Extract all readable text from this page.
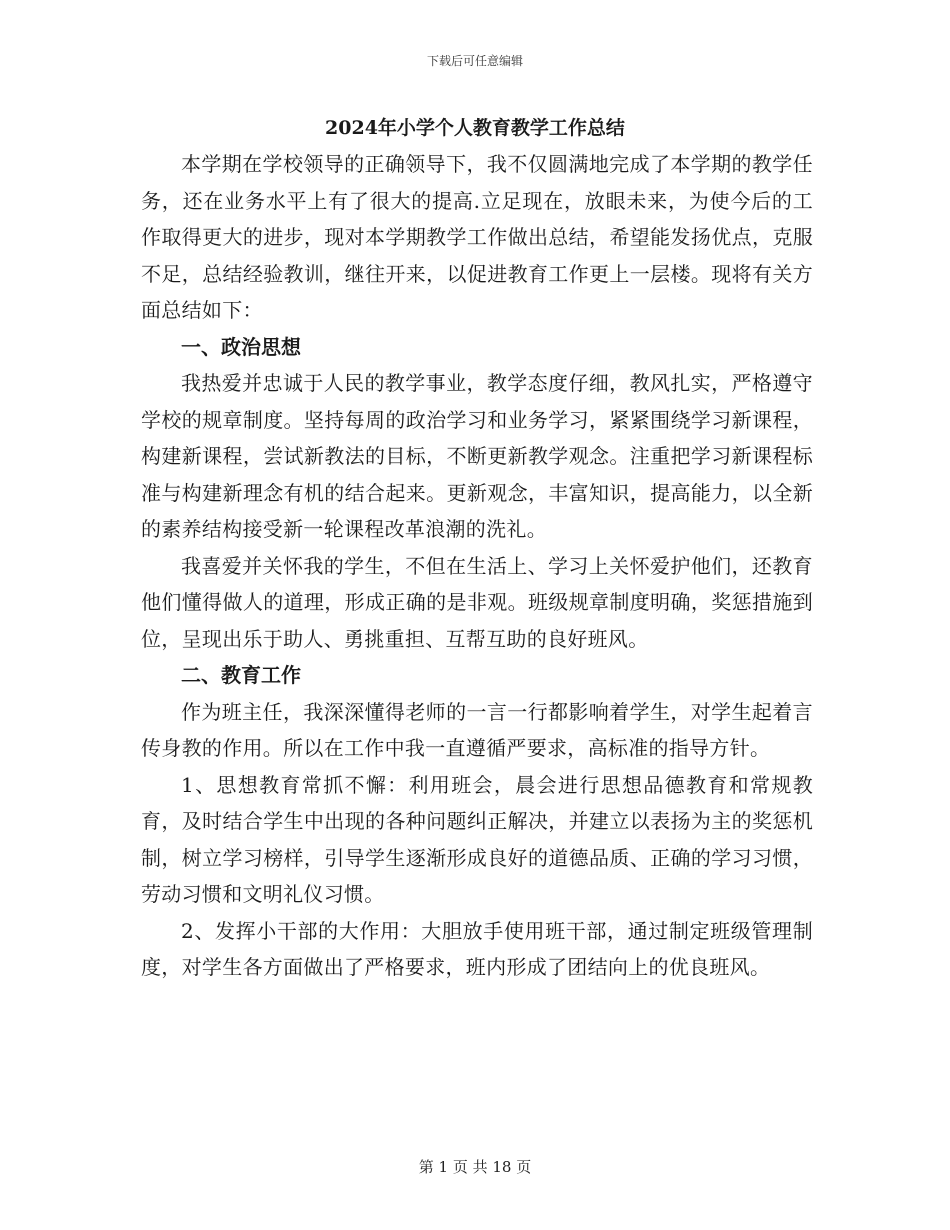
下载后可任意编辑
2024年小学个人教育教学工作总结

本学期在学校领导的正确领导下，我不仅圆满地完成了本学期的教学任务，还在业务水平上有了很大的提高.立足现在，放眼未来，为使今后的工作取得更大的进步，现对本学期教学工作做出总结，希望能发扬优点，克服不足，总结经验教训，继往开来，以促进教育工作更上一层楼。现将有关方面总结如下：

一、政治思想

我热爱并忠诚于人民的教学事业，教学态度仔细，教风扎实，严格遵守学校的规章制度。坚持每周的政治学习和业务学习，紧紧围绕学习新课程，构建新课程，尝试新教法的目标，不断更新教学观念。注重把学习新课程标准与构建新理念有机的结合起来。更新观念，丰富知识，提高能力，以全新的素养结构接受新一轮课程改革浪潮的洗礼。

我喜爱并关怀我的学生，不但在生活上、学习上关怀爱护他们，还教育他们懂得做人的道理，形成正确的是非观。班级规章制度明确，奖惩措施到位，呈现出乐于助人、勇挑重担、互帮互助的良好班风。

二、教育工作

作为班主任，我深深懂得老师的一言一行都影响着学生，对学生起着言传身教的作用。所以在工作中我一直遵循严要求，高标准的指导方针。

1、思想教育常抓不懈：利用班会，晨会进行思想品德教育和常规教育，及时结合学生中出现的各种问题纠正解决，并建立以表扬为主的奖惩机制，树立学习榜样，引导学生逐渐形成良好的道德品质、正确的学习习惯，劳动习惯和文明礼仪习惯。

2、发挥小干部的大作用：大胆放手使用班干部，通过制定班级管理制度，对学生各方面做出了严格要求，班内形成了团结向上的优良班风。

第 1 页 共 18 页
